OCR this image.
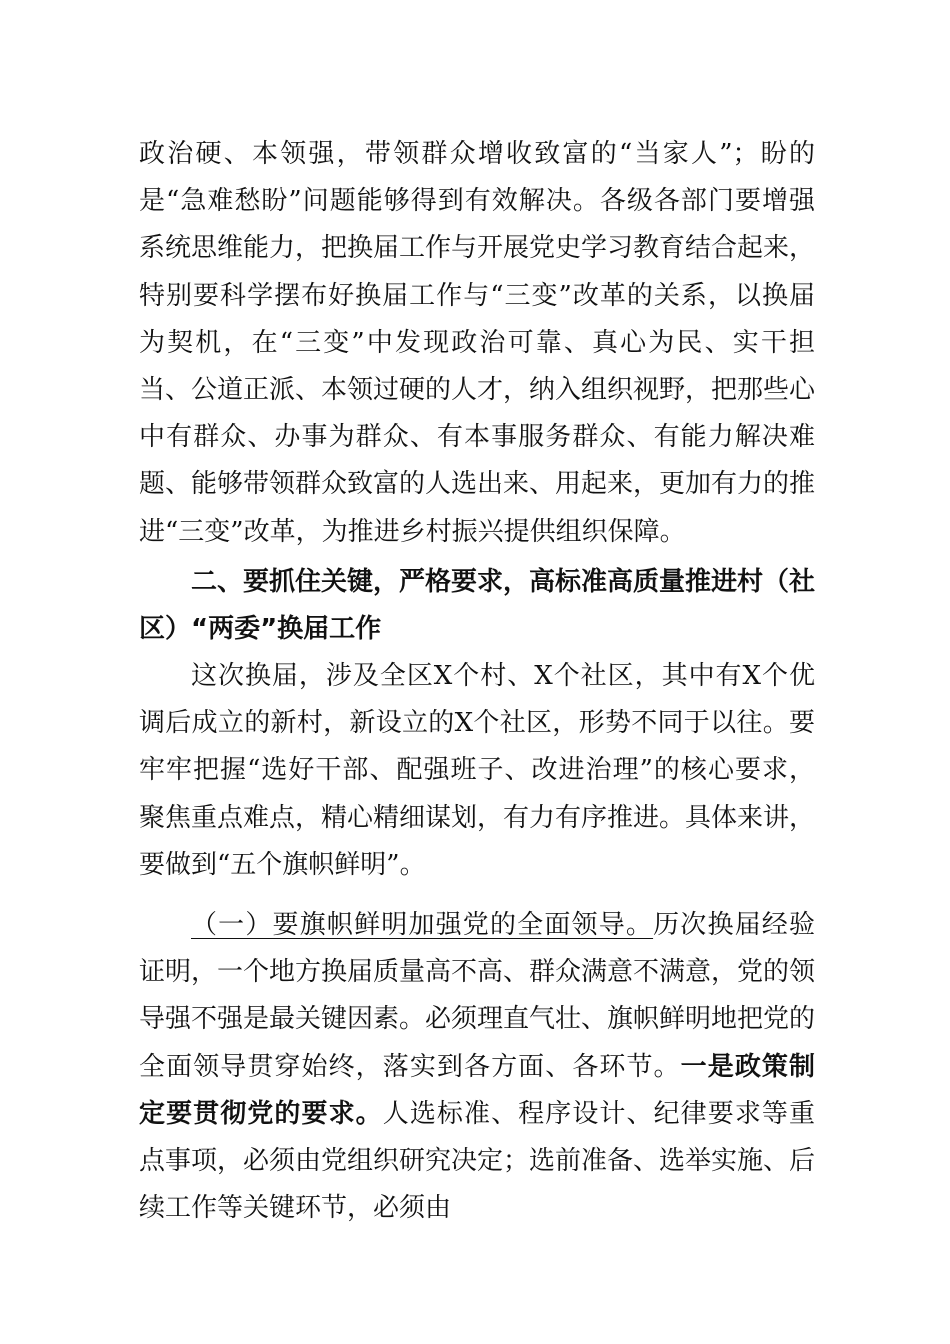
政治硬、本领强，带领群众增收致富的“当家人”；盼的是“急难愁盼”问题能够得到有效解决。各级各部门要增强系统思维能力，把换届工作与开展党史学习教育结合起来，特别要科学摆布好换届工作与“三变”改革的关系，以换届为契机，在“三变”中发现政治可靠、真心为民、实干担当、公道正派、本领过硬的人才，纳入组织视野，把那些心中有群众、办事为群众、有本事服务群众、有能力解决难题、能够带领群众致富的人选出来、用起来，更加有力的推进“三变”改革，为推进乡村振兴提供组织保障。

二、要抓住关键，严格要求，高标准高质量推进村（社区）“两委”换届工作

这次换届，涉及全区X个村、X个社区，其中有X个优调后成立的新村，新设立的X个社区，形势不同于以往。要牢牢把握“选好干部、配强班子、改进治理”的核心要求，聚焦重点难点，精心精细谋划，有力有序推进。具体来讲，要做到“五个旗帜鲜明”。

（一）要旗帜鲜明加强党的全面领导。历次换届经验证明，一个地方换届质量高不高、群众满意不满意，党的领导强不强是最关键因素。必须理直气壮、旗帜鲜明地把党的全面领导贯穿始终，落实到各方面、各环节。一是政策制定要贯彻党的要求。人选标准、程序设计、纪律要求等重点事项，必须由党组织研究决定；选前准备、选举实施、后续工作等关键环节，必须由
